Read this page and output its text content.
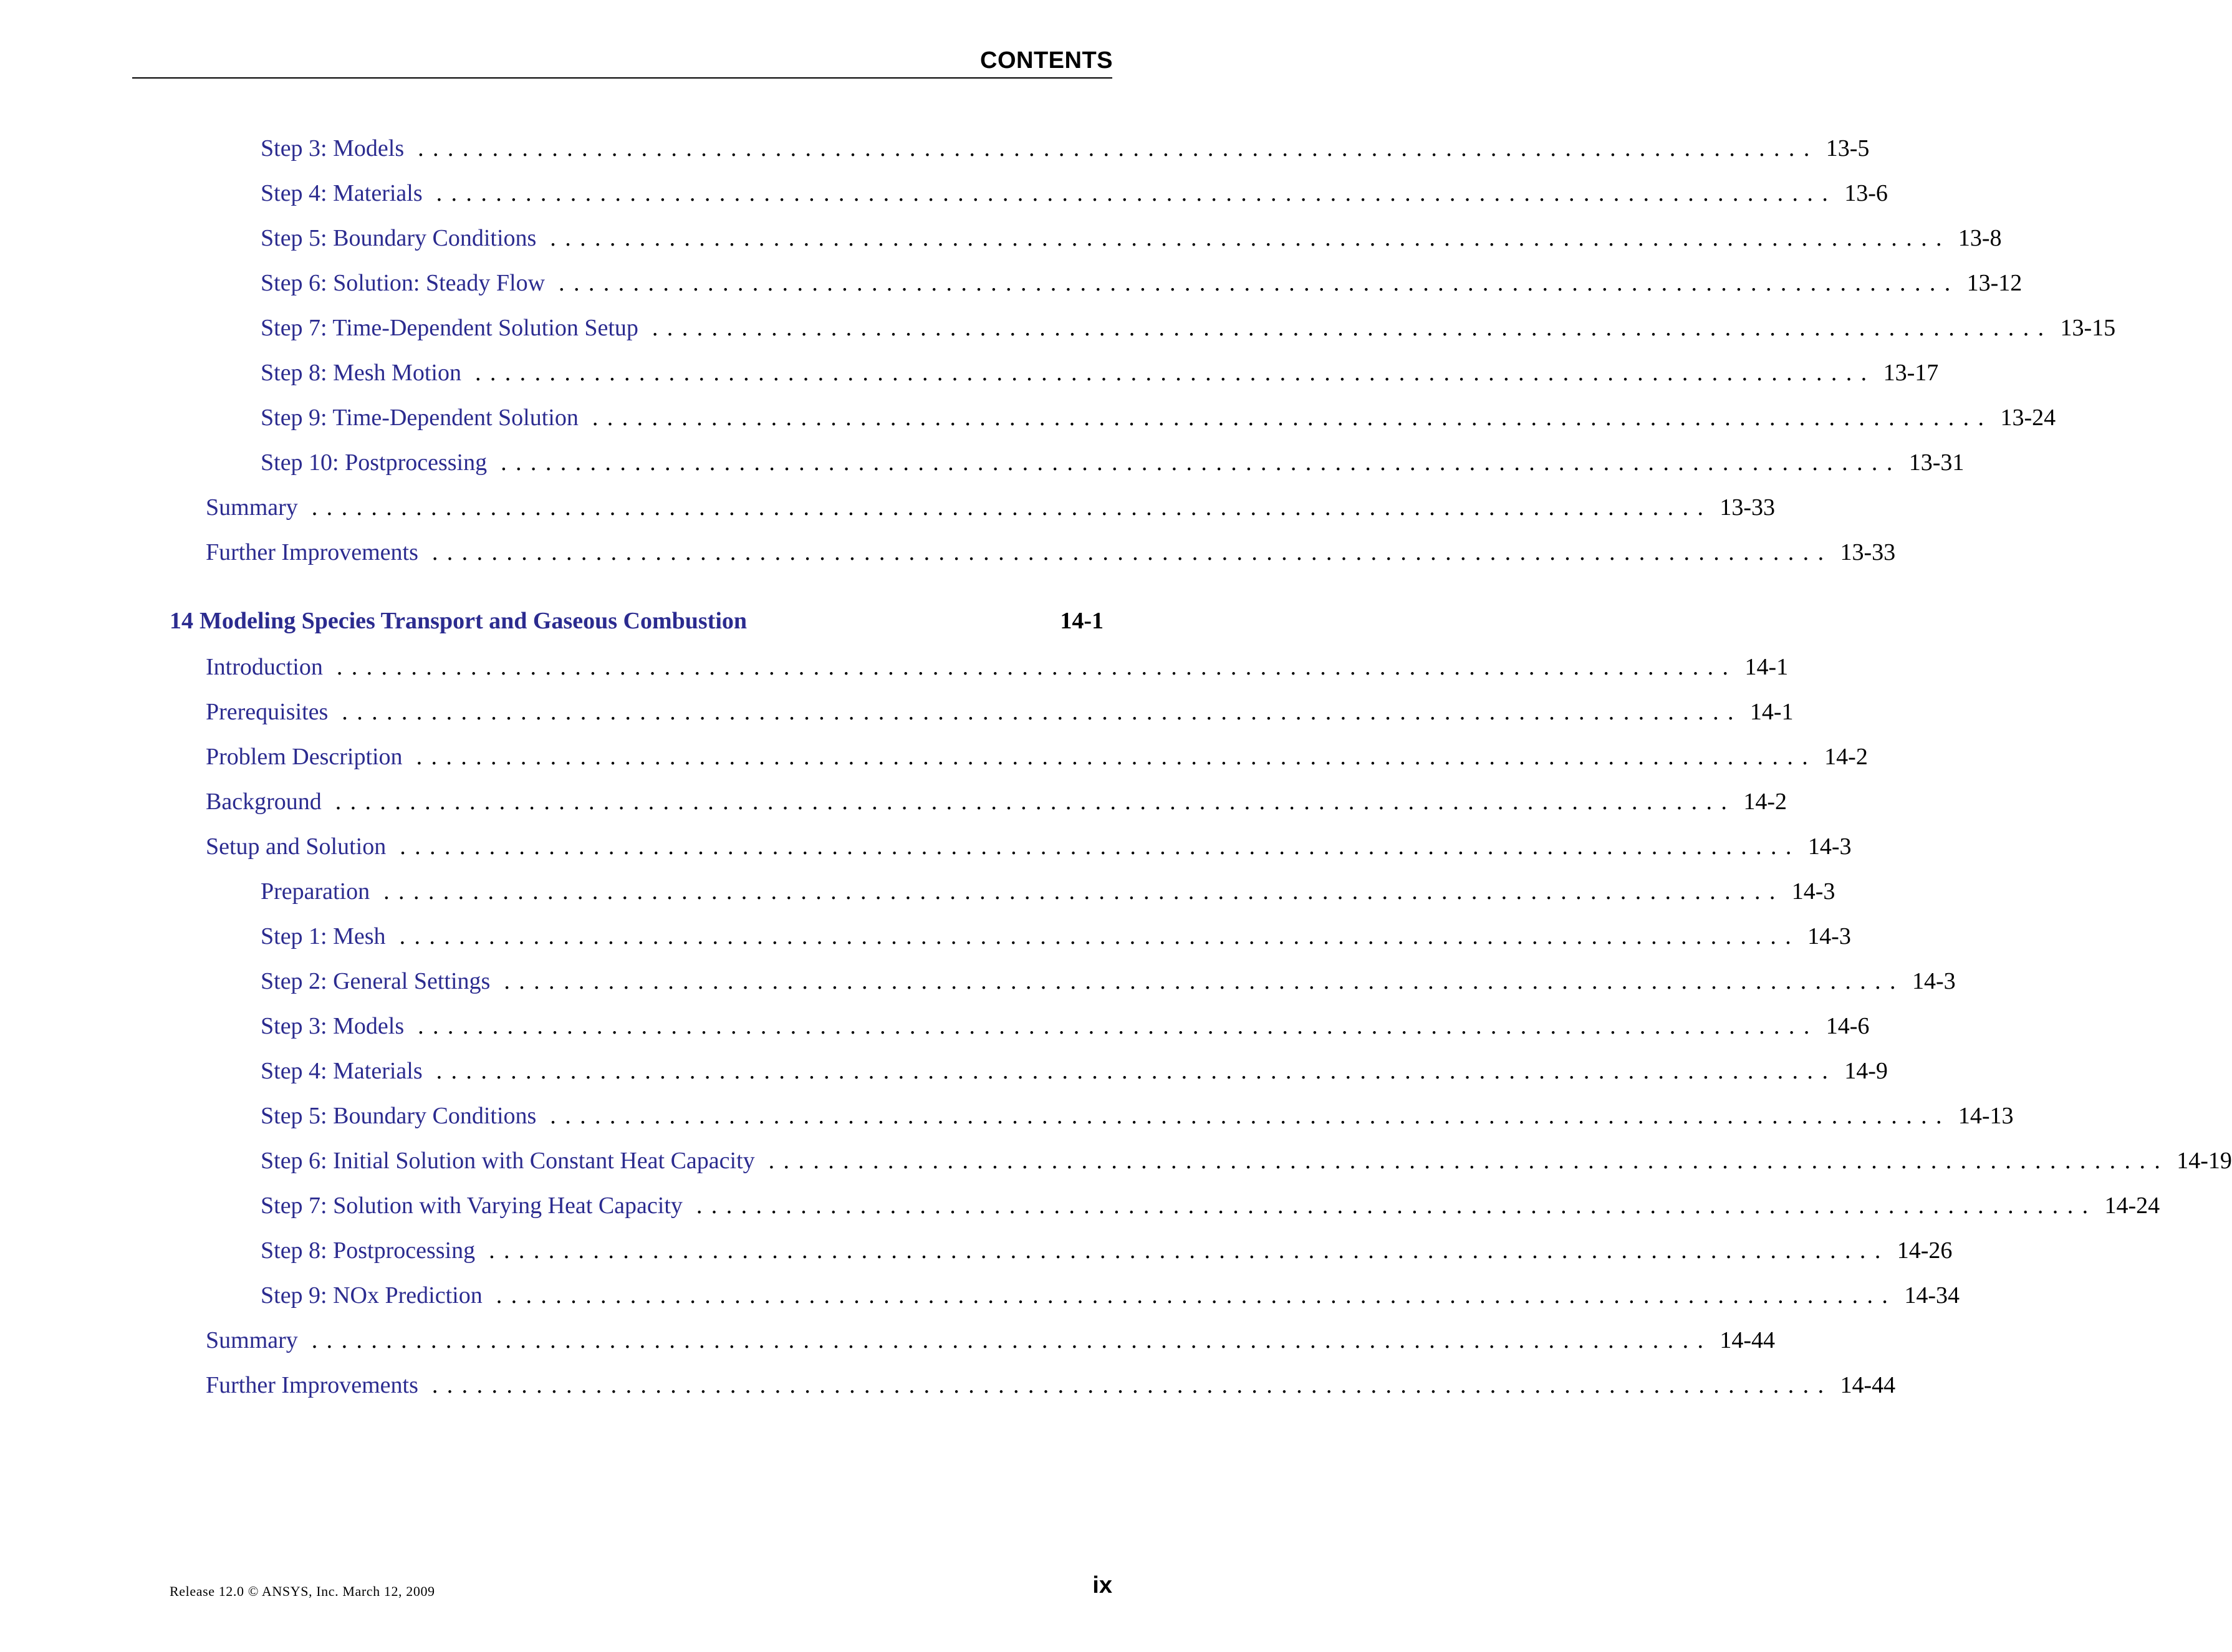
CONTENTS
Step 3: Models .............................................................................................. 13-5
Step 4: Materials .............................................................................................. 13-6
Step 5: Boundary Conditions .............................................................................................. 13-8
Step 6: Solution: Steady Flow .............................................................................................. 13-12
Step 7: Time-Dependent Solution Setup .............................................................................................. 13-15
Step 8: Mesh Motion .............................................................................................. 13-17
Step 9: Time-Dependent Solution .............................................................................................. 13-24
Step 10: Postprocessing .............................................................................................. 13-31
Summary .............................................................................................. 13-33
Further Improvements .............................................................................................. 13-33
14 Modeling Species Transport and Gaseous Combustion	14-1
Introduction .............................................................................................. 14-1
Prerequisites .............................................................................................. 14-1
Problem Description .............................................................................................. 14-2
Background .............................................................................................. 14-2
Setup and Solution .............................................................................................. 14-3
Preparation .............................................................................................. 14-3
Step 1: Mesh .............................................................................................. 14-3
Step 2: General Settings .............................................................................................. 14-3
Step 3: Models .............................................................................................. 14-6
Step 4: Materials .............................................................................................. 14-9
Step 5: Boundary Conditions .............................................................................................. 14-13
Step 6: Initial Solution with Constant Heat Capacity .............................................................................................. 14-19
Step 7: Solution with Varying Heat Capacity .............................................................................................. 14-24
Step 8: Postprocessing .............................................................................................. 14-26
Step 9: NOx Prediction .............................................................................................. 14-34
Summary .............................................................................................. 14-44
Further Improvements .............................................................................................. 14-44
Release 12.0 © ANSYS, Inc. March 12, 2009	ix
